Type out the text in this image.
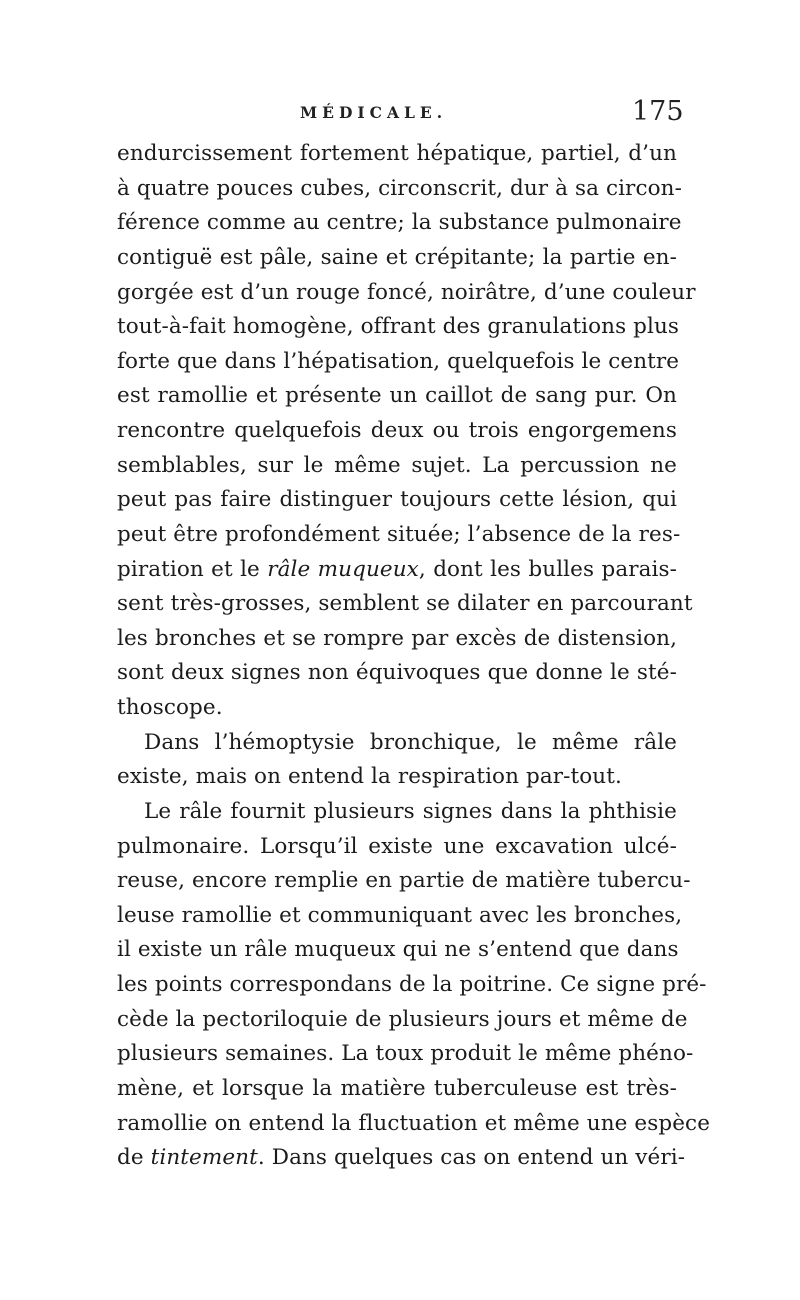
MÉDICALE.	175
endurcissement fortement hépatique, partiel, d’un
à quatre pouces cubes, circonscrit, dur à sa circon-
férence comme au centre; la substance pulmonaire
contiguë est pâle, saine et crépitante; la partie en-
gorgée est d’un rouge foncé, noirâtre, d’une couleur
tout-à-fait homogène, offrant des granulations plus
forte que dans l’hépatisation, quelquefois le centre
est ramollie et présente un caillot de sang pur. On
rencontre quelquefois deux ou trois engorgemens
semblables, sur le même sujet. La percussion ne
peut pas faire distinguer toujours cette lésion, qui
peut être profondément située; l’absence de la res-
piration et le râle muqueux, dont les bulles parais-
sent très-grosses, semblent se dilater en parcourant
les bronches et se rompre par excès de distension,
sont deux signes non équivoques que donne le sté-
thoscope.
Dans l’hémoptysie bronchique, le même râle
existe, mais on entend la respiration par-tout.
Le râle fournit plusieurs signes dans la phthisie
pulmonaire. Lorsqu’il existe une excavation ulcé-
reuse, encore remplie en partie de matière tubercu-
leuse ramollie et communiquant avec les bronches,
il existe un râle muqueux qui ne s’entend que dans
les points correspondans de la poitrine. Ce signe pré-
cède la pectoriloquie de plusieurs jours et même de
plusieurs semaines. La toux produit le même phéno-
mène, et lorsque la matière tuberculeuse est très-
ramollie on entend la fluctuation et même une espèce
de tintement. Dans quelques cas on entend un véri-
